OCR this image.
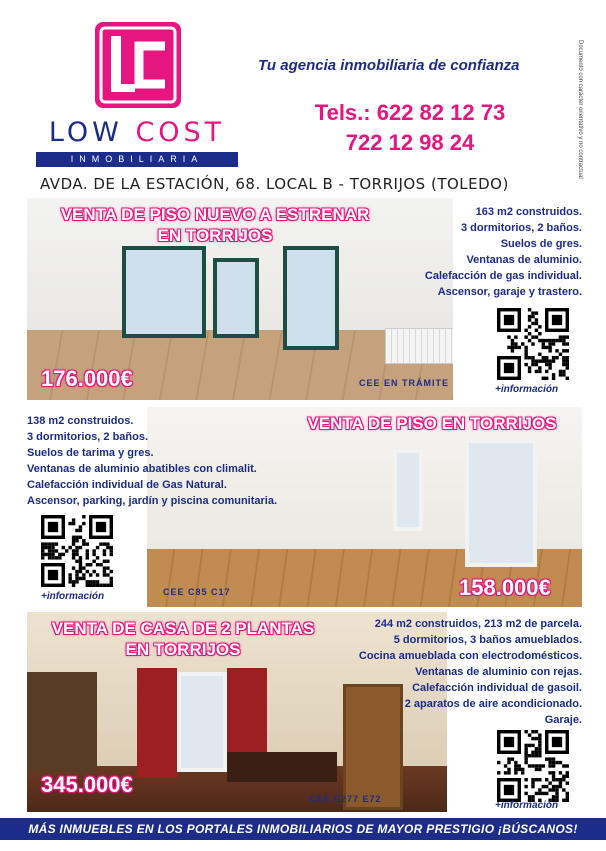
LOW COST
INMOBILIARIA
Tu agencia inmobiliaria de confianza
Tels.: 622 82 12 73
722 12 98 24	Documento con carácter orientativo y no contractual
AVDA. DE LA ESTACIÓN, 68. LOCAL B - TORRIJOS (TOLEDO)
VENTA DE PISO NUEVO A ESTRENAR
EN TORRIJOS
176.000€	CEE EN TRÁMITE
163 m2 construidos.
3 dormitorios, 2 baños.
Suelos de gres.
Ventanas de aluminio.
Calefacción de gas individual.
Ascensor, garaje y trastero.
+información
VENTA DE PISO EN TORRIJOS
158.000€
CEE C85 C17
138 m2 construidos.
3 dormitorios, 2 baños.
Suelos de tarima y gres.
Ventanas de aluminio abatibles con climalit.
Calefacción individual de Gas Natural.
Ascensor, parking, jardín y piscina comunitaria.
+información
VENTA DE CASA DE 2 PLANTAS
EN TORRIJOS
345.000€
CEE E277 E72
244 m2 construidos, 213 m2 de parcela.
5 dormitorios, 3 baños amueblados.
Cocina amueblada con electrodomésticos.
Ventanas de aluminio con rejas.
Calefacción individual de gasoil.
2 aparatos de aire acondicionado.
Garaje.
+información
MÁS INMUEBLES EN LOS PORTALES INMOBILIARIOS DE MAYOR PRESTIGIO ¡BÚSCANOS!
